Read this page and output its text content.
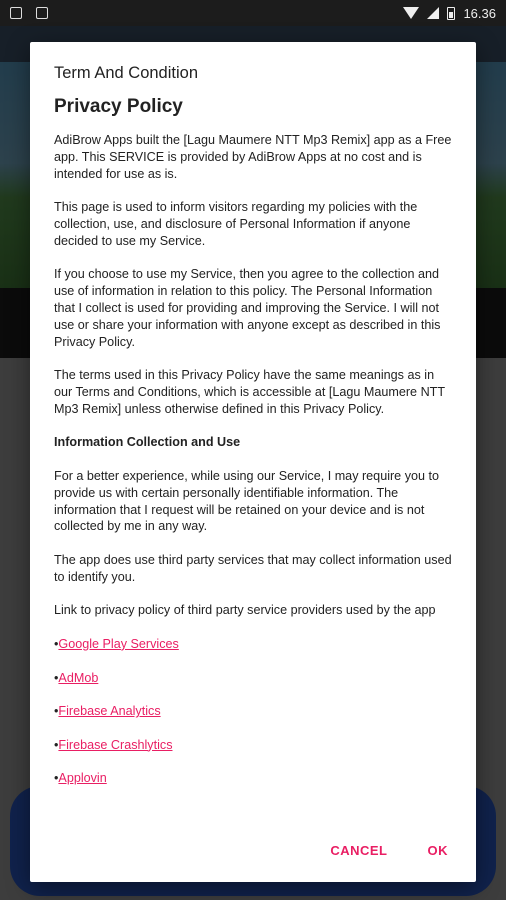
16.36
Term And Condition
Privacy Policy

AdiBrow Apps built the [Lagu Maumere NTT Mp3 Remix] app as a Free app. This SERVICE is provided by AdiBrow Apps at no cost and is intended for use as is.

This page is used to inform visitors regarding my policies with the collection, use, and disclosure of Personal Information if anyone decided to use my Service.

If you choose to use my Service, then you agree to the collection and use of information in relation to this policy. The Personal Information that I collect is used for providing and improving the Service. I will not use or share your information with anyone except as described in this Privacy Policy.

The terms used in this Privacy Policy have the same meanings as in our Terms and Conditions, which is accessible at [Lagu Maumere NTT Mp3 Remix] unless otherwise defined in this Privacy Policy.

Information Collection and Use

For a better experience, while using our Service, I may require you to provide us with certain personally identifiable information. The information that I request will be retained on your device and is not collected by me in any way.

The app does use third party services that may collect information used to identify you.

Link to privacy policy of third party service providers used by the app

•Google Play Services
•AdMob
•Firebase Analytics
•Firebase Crashlytics
•Applovin
CANCEL	OK
